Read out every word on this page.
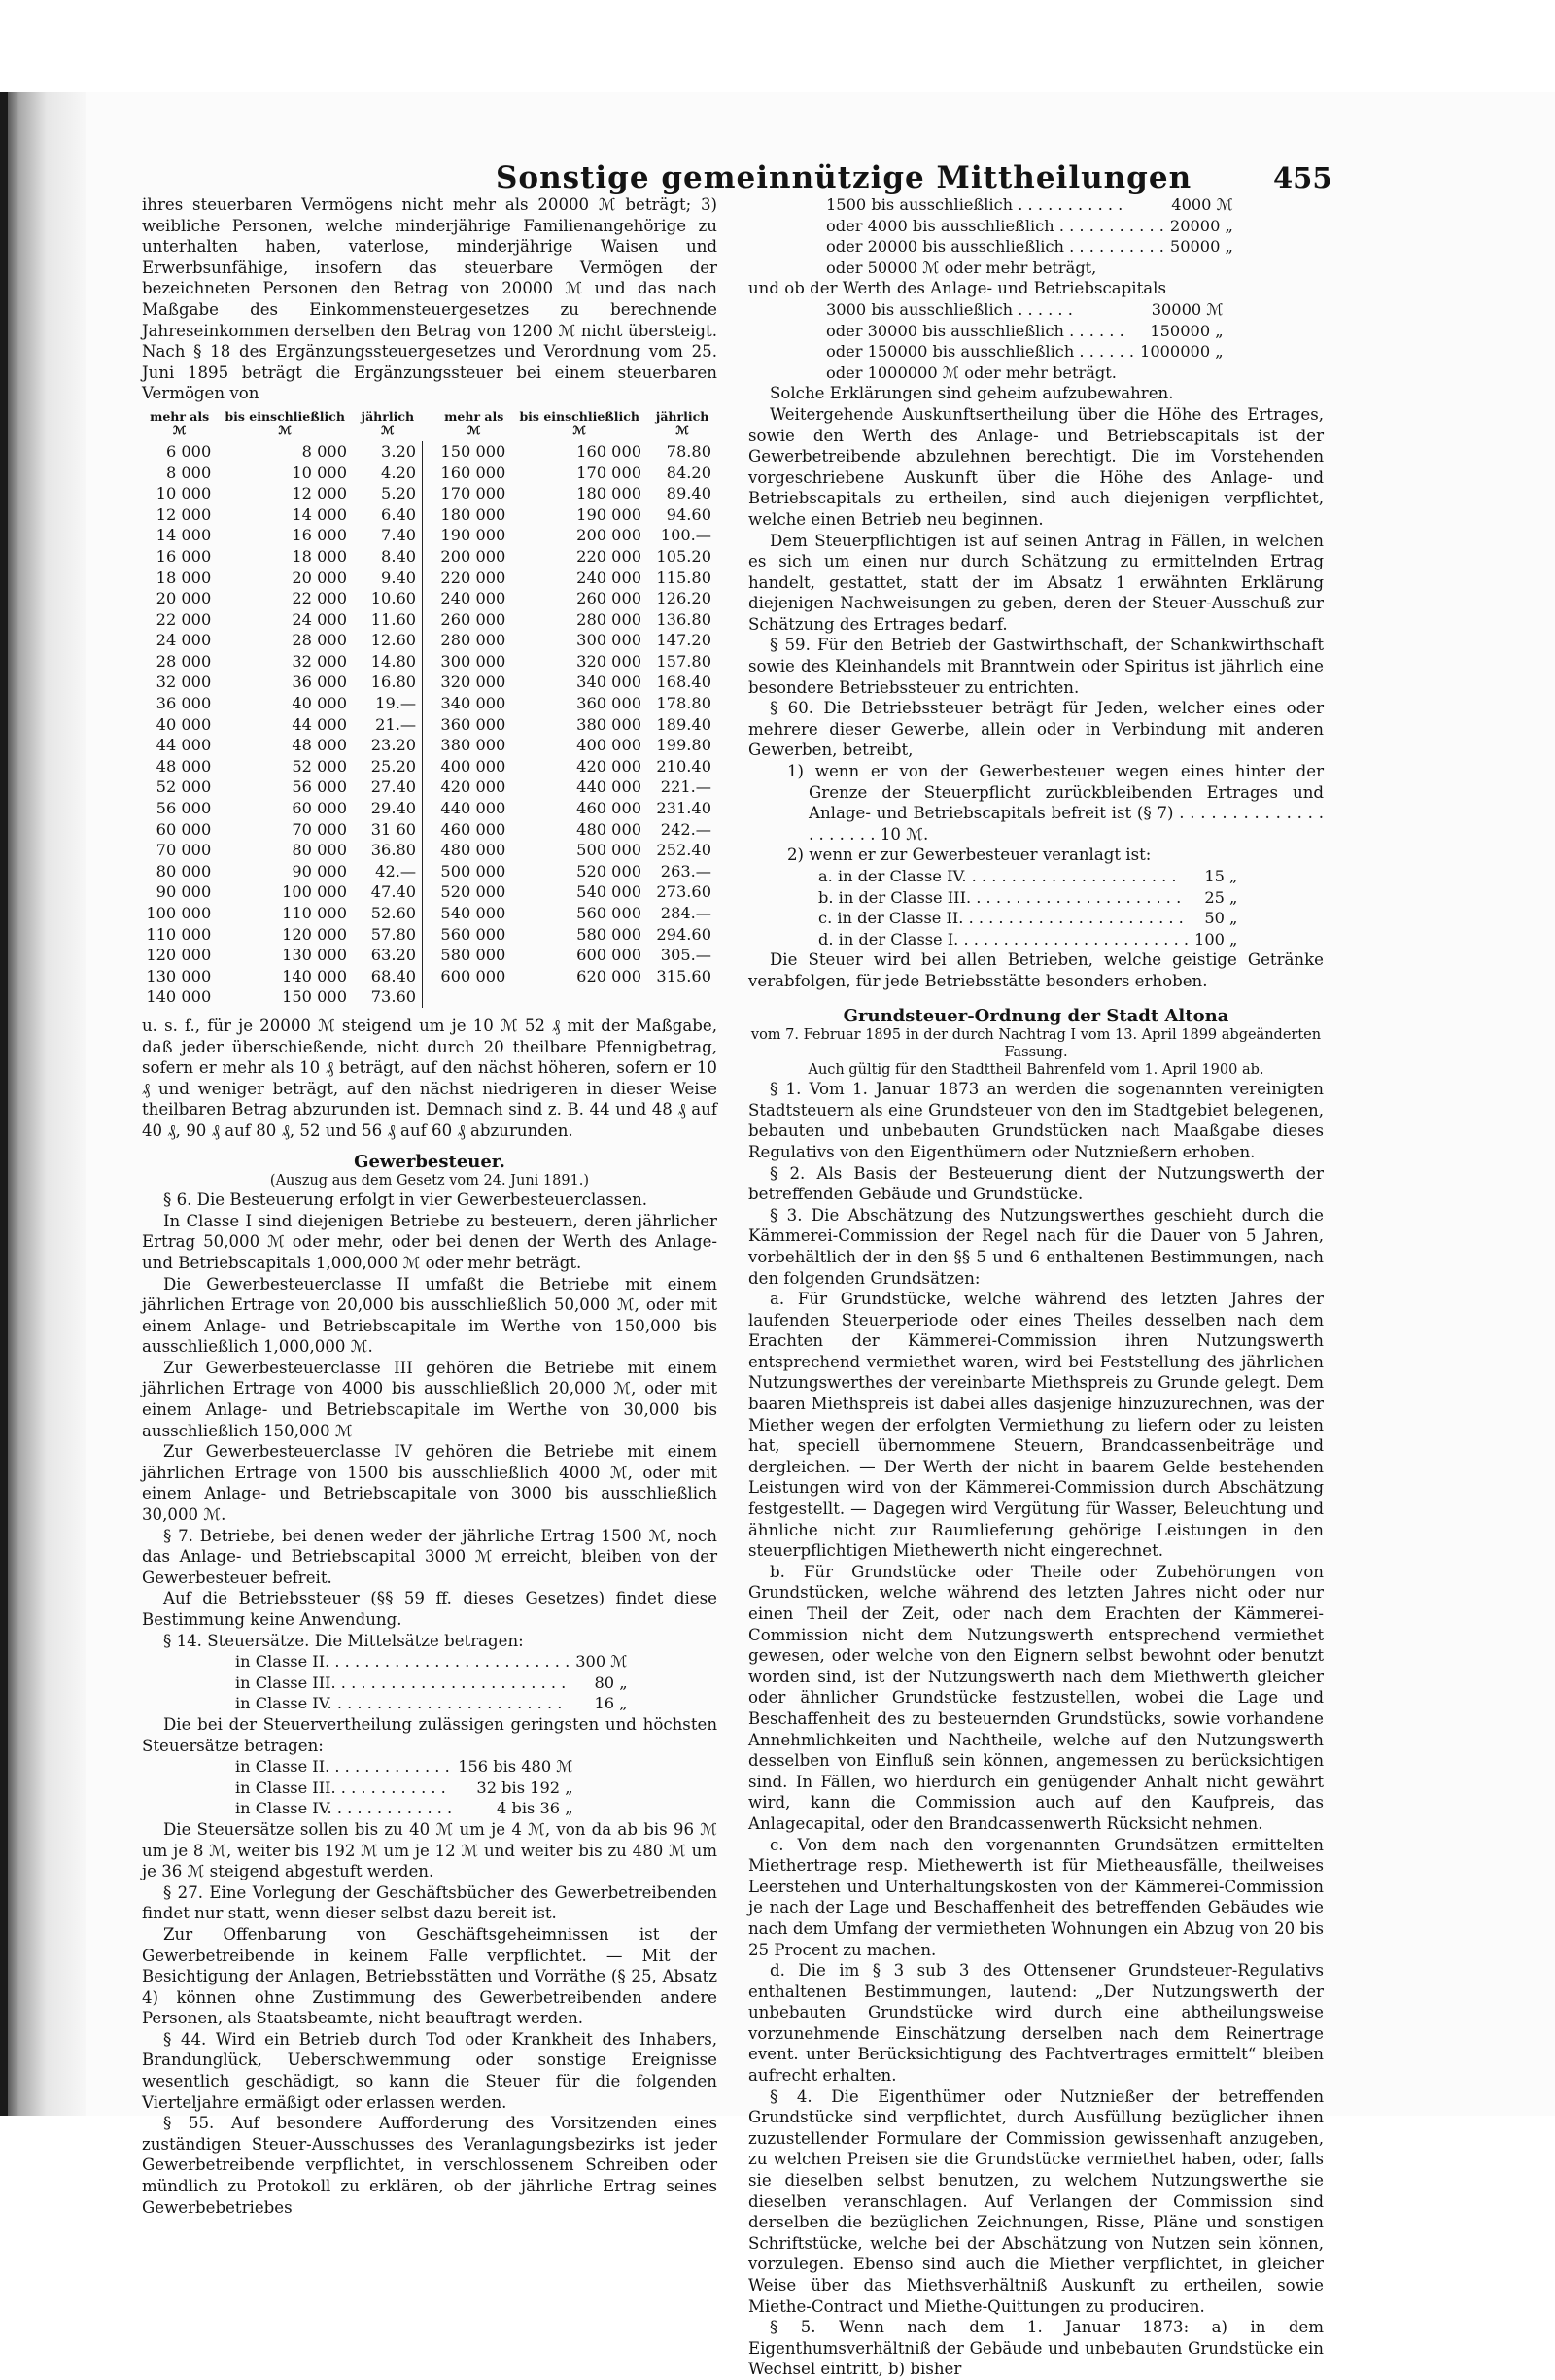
Sonstige gemeinnützige Mittheilungen	455

ihres steuerbaren Vermögens nicht mehr als 20000 ℳ beträgt; 3) weibliche Personen, welche minderjährige Familienangehörige zu unterhalten haben, vaterlose, minderjährige Waisen und Erwerbsunfähige, insofern das steuerbare Vermögen der bezeichneten Personen den Betrag von 20000 ℳ und das nach Maßgabe des Einkommensteuergesetzes zu berechnende Jahreseinkommen derselben den Betrag von 1200 ℳ nicht übersteigt. Nach § 18 des Ergänzungssteuergesetzes und Verordnung vom 25. Juni 1895 beträgt die Ergänzungssteuer bei einem steuerbaren Vermögen von

mehr als ℳ	bis einschließlich ℳ	jährlich ℳ		mehr als ℳ	bis einschließlich ℳ	jährlich ℳ
6 000	8 000	3.20		150 000	160 000	78.80
8 000	10 000	4.20		160 000	170 000	84.20
10 000	12 000	5.20		170 000	180 000	89.40
12 000	14 000	6.40		180 000	190 000	94.60
14 000	16 000	7.40		190 000	200 000	100.—
16 000	18 000	8.40		200 000	220 000	105.20
18 000	20 000	9.40		220 000	240 000	115.80
20 000	22 000	10.60		240 000	260 000	126.20
22 000	24 000	11.60		260 000	280 000	136.80
24 000	28 000	12.60		280 000	300 000	147.20
28 000	32 000	14.80		300 000	320 000	157.80
32 000	36 000	16.80		320 000	340 000	168.40
36 000	40 000	19.—		340 000	360 000	178.80
40 000	44 000	21.—		360 000	380 000	189.40
44 000	48 000	23.20		380 000	400 000	199.80
48 000	52 000	25.20		400 000	420 000	210.40
52 000	56 000	27.40		420 000	440 000	221.—
56 000	60 000	29.40		440 000	460 000	231.40
60 000	70 000	31 60		460 000	480 000	242.—
70 000	80 000	36.80		480 000	500 000	252.40
80 000	90 000	42.—		500 000	520 000	263.—
90 000	100 000	47.40		520 000	540 000	273.60
100 000	110 000	52.60		540 000	560 000	284.—
110 000	120 000	57.80		560 000	580 000	294.60
120 000	130 000	63.20		580 000	600 000	305.—
130 000	140 000	68.40		600 000	620 000	315.60
140 000	150 000	73.60				

u. s. f., für je 20000 ℳ steigend um je 10 ℳ 52 ₰ mit der Maßgabe, daß jeder überschießende, nicht durch 20 theilbare Pfennigbetrag, sofern er mehr als 10 ₰ beträgt, auf den nächst höheren, sofern er 10 ₰ und weniger beträgt, auf den nächst niedrigeren in dieser Weise theilbaren Betrag abzurunden ist. Demnach sind z. B. 44 und 48 ₰ auf 40 ₰, 90 ₰ auf 80 ₰, 52 und 56 ₰ auf 60 ₰ abzurunden.

Gewerbesteuer.

(Auszug aus dem Gesetz vom 24. Juni 1891.)

§ 6. Die Besteuerung erfolgt in vier Gewerbesteuerclassen.

In Classe I sind diejenigen Betriebe zu besteuern, deren jährlicher Ertrag 50,000 ℳ oder mehr, oder bei denen der Werth des Anlage- und Betriebscapitals 1,000,000 ℳ oder mehr beträgt.

Die Gewerbesteuerclasse II umfaßt die Betriebe mit einem jährlichen Ertrage von 20,000 bis ausschließlich 50,000 ℳ, oder mit einem Anlage- und Betriebscapitale im Werthe von 150,000 bis ausschließlich 1,000,000 ℳ.

Zur Gewerbesteuerclasse III gehören die Betriebe mit einem jährlichen Ertrage von 4000 bis ausschließlich 20,000 ℳ, oder mit einem Anlage- und Betriebscapitale im Werthe von 30,000 bis ausschließlich 150,000 ℳ

Zur Gewerbesteuerclasse IV gehören die Betriebe mit einem jährlichen Ertrage von 1500 bis ausschließlich 4000 ℳ, oder mit einem Anlage- und Betriebscapitale von 3000 bis ausschließlich 30,000 ℳ.

§ 7. Betriebe, bei denen weder der jährliche Ertrag 1500 ℳ, noch das Anlage- und Betriebscapital 3000 ℳ erreicht, bleiben von der Gewerbesteuer befreit.

Auf die Betriebssteuer (§§ 59 ff. dieses Gesetzes) findet diese Bestimmung keine Anwendung.

§ 14. Steuersätze. Die Mittelsätze betragen:

in Classe II. . . . . . . . . . . . . . . . . . . . . . . . .	300 ℳ
in Classe III. . . . . . . . . . . . . . . . . . . . . . . .	80 „
in Classe IV. . . . . . . . . . . . . . . . . . . . . . . .	16 „

Die bei der Steuervertheilung zulässigen geringsten und höchsten Steuersätze betragen:

in Classe II. . . . . . . . . . . . .	156 bis 480 ℳ
in Classe III. . . . . . . . . . . .	32 bis 192 „
in Classe IV. . . . . . . . . . . . .	4 bis 36 „

Die Steuersätze sollen bis zu 40 ℳ um je 4 ℳ, von da ab bis 96 ℳ um je 8 ℳ, weiter bis 192 ℳ um je 12 ℳ und weiter bis zu 480 ℳ um je 36 ℳ steigend abgestuft werden.

§ 27. Eine Vorlegung der Geschäftsbücher des Gewerbetreibenden findet nur statt, wenn dieser selbst dazu bereit ist.

Zur Offenbarung von Geschäftsgeheimnissen ist der Gewerbetreibende in keinem Falle verpflichtet. — Mit der Besichtigung der Anlagen, Betriebsstätten und Vorräthe (§ 25, Absatz 4) können ohne Zustimmung des Gewerbetreibenden andere Personen, als Staatsbeamte, nicht beauftragt werden.

§ 44. Wird ein Betrieb durch Tod oder Krankheit des Inhabers, Brandunglück, Ueberschwemmung oder sonstige Ereignisse wesentlich geschädigt, so kann die Steuer für die folgenden Vierteljahre ermäßigt oder erlassen werden.

§ 55. Auf besondere Aufforderung des Vorsitzenden eines zuständigen Steuer-Ausschusses des Veranlagungsbezirks ist jeder Gewerbetreibende verpflichtet, in verschlossenem Schreiben oder mündlich zu Protokoll zu erklären, ob der jährliche Ertrag seines Gewerbebetriebes

1500 bis ausschließlich . . . . . . . . . . .	4000 ℳ
oder 4000 bis ausschließlich . . . . . . . . . . .	20000 „
oder 20000 bis ausschließlich . . . . . . . . . .	50000 „
oder 50000 ℳ oder mehr beträgt,	

und ob der Werth des Anlage- und Betriebscapitals

3000 bis ausschließlich . . . . . .	30000 ℳ
oder 30000 bis ausschließlich . . . . . .	150000 „
oder 150000 bis ausschließlich . . . . . .	1000000 „
oder 1000000 ℳ oder mehr beträgt.	

Solche Erklärungen sind geheim aufzubewahren.

Weitergehende Auskunftsertheilung über die Höhe des Ertrages, sowie den Werth des Anlage- und Betriebscapitals ist der Gewerbetreibende abzulehnen berechtigt. Die im Vorstehenden vorgeschriebene Auskunft über die Höhe des Anlage- und Betriebscapitals zu ertheilen, sind auch diejenigen verpflichtet, welche einen Betrieb neu beginnen.

Dem Steuerpflichtigen ist auf seinen Antrag in Fällen, in welchen es sich um einen nur durch Schätzung zu ermittelnden Ertrag handelt, gestattet, statt der im Absatz 1 erwähnten Erklärung diejenigen Nachweisungen zu geben, deren der Steuer-Ausschuß zur Schätzung des Ertrages bedarf.

§ 59. Für den Betrieb der Gastwirthschaft, der Schankwirthschaft sowie des Kleinhandels mit Branntwein oder Spiritus ist jährlich eine besondere Betriebssteuer zu entrichten.

§ 60. Die Betriebssteuer beträgt für Jeden, welcher eines oder mehrere dieser Gewerbe, allein oder in Verbindung mit anderen Gewerben, betreibt,

1) wenn er von der Gewerbesteuer wegen eines hinter der Grenze der Steuerpflicht zurückbleibenden Ertrages und Anlage- und Betriebscapitals befreit ist (§ 7) . . . . . . . . . . . . . . . . . . . . . 10 ℳ.

2) wenn er zur Gewerbesteuer veranlagt ist:

a. in der Classe IV. . . . . . . . . . . . . . . . . . . . . .	15 „
b. in der Classe III. . . . . . . . . . . . . . . . . . . . . .	25 „
c. in der Classe II. . . . . . . . . . . . . . . . . . . . . . .	50 „
d. in der Classe I. . . . . . . . . . . . . . . . . . . . . . . .	100 „

Die Steuer wird bei allen Betrieben, welche geistige Getränke verabfolgen, für jede Betriebsstätte besonders erhoben.

Grundsteuer-Ordnung der Stadt Altona

vom 7. Februar 1895 in der durch Nachtrag I vom 13. April 1899 abgeänderten Fassung.

Auch gültig für den Stadttheil Bahrenfeld vom 1. April 1900 ab.

§ 1. Vom 1. Januar 1873 an werden die sogenannten vereinigten Stadtsteuern als eine Grundsteuer von den im Stadtgebiet belegenen, bebauten und unbebauten Grundstücken nach Maaßgabe dieses Regulativs von den Eigenthümern oder Nutznießern erhoben.

§ 2. Als Basis der Besteuerung dient der Nutzungswerth der betreffenden Gebäude und Grundstücke.

§ 3. Die Abschätzung des Nutzungswerthes geschieht durch die Kämmerei-Commission der Regel nach für die Dauer von 5 Jahren, vorbehältlich der in den §§ 5 und 6 enthaltenen Bestimmungen, nach den folgenden Grundsätzen:

a. Für Grundstücke, welche während des letzten Jahres der laufenden Steuerperiode oder eines Theiles desselben nach dem Erachten der Kämmerei-Commission ihren Nutzungswerth entsprechend vermiethet waren, wird bei Feststellung des jährlichen Nutzungswerthes der vereinbarte Miethspreis zu Grunde gelegt. Dem baaren Miethspreis ist dabei alles dasjenige hinzuzurechnen, was der Miether wegen der erfolgten Vermiethung zu liefern oder zu leisten hat, speciell übernommene Steuern, Brandcassenbeiträge und dergleichen. — Der Werth der nicht in baarem Gelde bestehenden Leistungen wird von der Kämmerei-Commission durch Abschätzung festgestellt. — Dagegen wird Vergütung für Wasser, Beleuchtung und ähnliche nicht zur Raumlieferung gehörige Leistungen in den steuerpflichtigen Miethewerth nicht eingerechnet.

b. Für Grundstücke oder Theile oder Zubehörungen von Grundstücken, welche während des letzten Jahres nicht oder nur einen Theil der Zeit, oder nach dem Erachten der Kämmerei-Commission nicht dem Nutzungswerth entsprechend vermiethet gewesen, oder welche von den Eignern selbst bewohnt oder benutzt worden sind, ist der Nutzungswerth nach dem Miethwerth gleicher oder ähnlicher Grundstücke festzustellen, wobei die Lage und Beschaffenheit des zu besteuernden Grundstücks, sowie vorhandene Annehmlichkeiten und Nachtheile, welche auf den Nutzungswerth desselben von Einfluß sein können, angemessen zu berücksichtigen sind. In Fällen, wo hierdurch ein genügender Anhalt nicht gewährt wird, kann die Commission auch auf den Kaufpreis, das Anlagecapital, oder den Brandcassenwerth Rücksicht nehmen.

c. Von dem nach den vorgenannten Grundsätzen ermittelten Miethertrage resp. Miethewerth ist für Mietheausfälle, theilweises Leerstehen und Unterhaltungskosten von der Kämmerei-Commission je nach der Lage und Beschaffenheit des betreffenden Gebäudes wie nach dem Umfang der vermietheten Wohnungen ein Abzug von 20 bis 25 Procent zu machen.

d. Die im § 3 sub 3 des Ottensener Grundsteuer-Regulativs enthaltenen Bestimmungen, lautend: „Der Nutzungswerth der unbebauten Grundstücke wird durch eine abtheilungsweise vorzunehmende Einschätzung derselben nach dem Reinertrage event. unter Berücksichtigung des Pachtvertrages ermittelt“ bleiben aufrecht erhalten.

§ 4. Die Eigenthümer oder Nutznießer der betreffenden Grundstücke sind verpflichtet, durch Ausfüllung bezüglicher ihnen zuzustellender Formulare der Commission gewissenhaft anzugeben, zu welchen Preisen sie die Grundstücke vermiethet haben, oder, falls sie dieselben selbst benutzen, zu welchem Nutzungswerthe sie dieselben veranschlagen. Auf Verlangen der Commission sind derselben die bezüglichen Zeichnungen, Risse, Pläne und sonstigen Schriftstücke, welche bei der Abschätzung von Nutzen sein können, vorzulegen. Ebenso sind auch die Miether verpflichtet, in gleicher Weise über das Miethsverhältniß Auskunft zu ertheilen, sowie Miethe-Contract und Miethe-Quittungen zu produciren.

§ 5. Wenn nach dem 1. Januar 1873: a) in dem Eigenthumsverhältniß der Gebäude und unbebauten Grundstücke ein Wechsel eintritt, b) bisher
